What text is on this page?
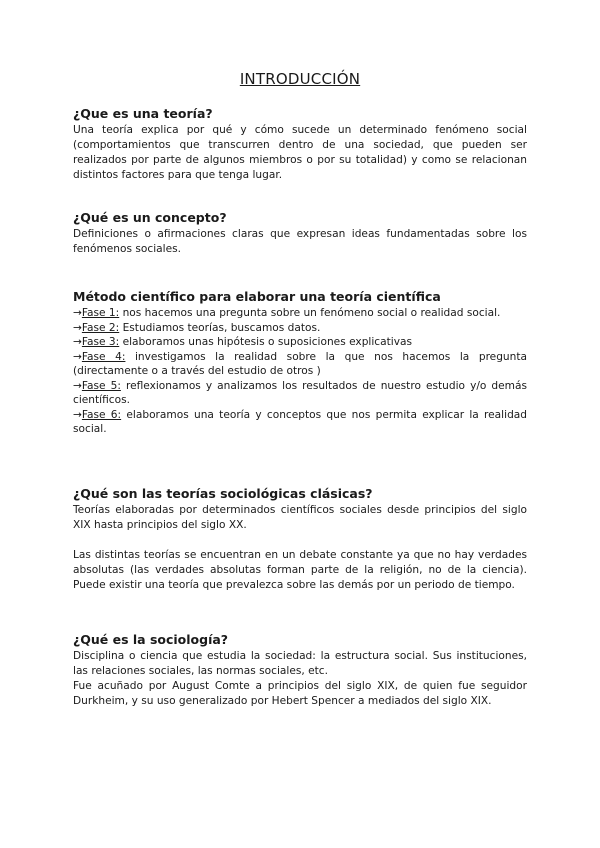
INTRODUCCIÓN
¿Que es una teoría?

Una teoría explica por qué y cómo sucede un determinado fenómeno social (comportamientos que transcurren dentro de una sociedad, que pueden ser realizados por parte de algunos miembros o por su totalidad) y como se relacionan distintos factores para que tenga lugar.

¿Qué es un concepto?

Definiciones o afirmaciones claras que expresan ideas fundamentadas sobre los fenómenos sociales.

Método científico para elaborar una teoría científica
→Fase 1: nos hacemos una pregunta sobre un fenómeno social o realidad social.
→Fase 2: Estudiamos teorías, buscamos datos.
→Fase 3: elaboramos unas hipótesis o suposiciones explicativas
→Fase 4: investigamos la realidad sobre la que nos hacemos la pregunta (directamente o a través del estudio de otros )
→Fase 5: reflexionamos y analizamos los resultados de nuestro estudio y/o demás científicos.
→Fase 6: elaboramos una teoría y conceptos que nos permita explicar la realidad social.
¿Qué son las teorías sociológicas clásicas?

Teorías elaboradas por determinados científicos sociales desde principios del siglo XIX hasta principios del siglo XX.

Las distintas teorías se encuentran en un debate constante ya que no hay verdades absolutas (las verdades absolutas forman parte de la religión, no de la ciencia). Puede existir una teoría que prevalezca sobre las demás por un periodo de tiempo.

¿Qué es la sociología?

Disciplina o ciencia que estudia la sociedad: la estructura social. Sus instituciones, las relaciones sociales, las normas sociales, etc.

Fue acuñado por August Comte a principios del siglo XIX, de quien fue seguidor Durkheim, y su uso generalizado por Hebert Spencer a mediados del siglo XIX.
